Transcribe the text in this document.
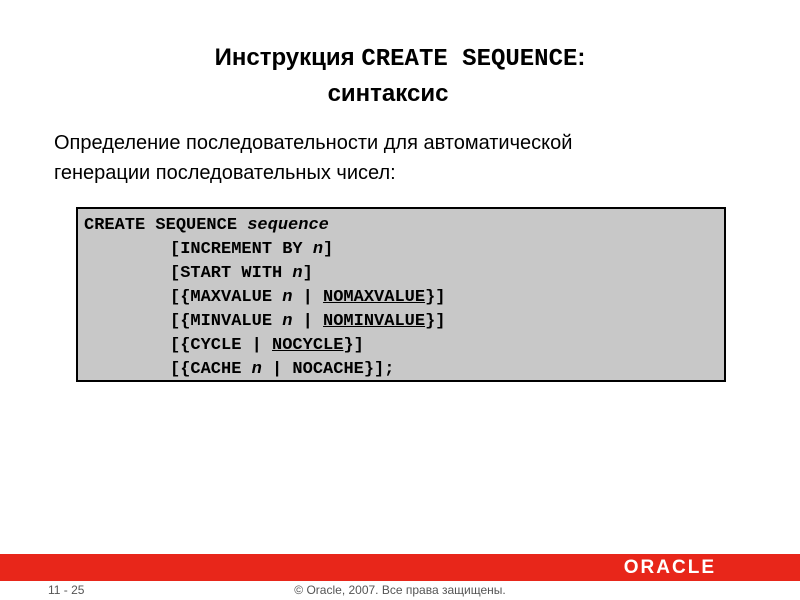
Инструкция CREATE SEQUENCE:
синтаксис
Определение последовательности для автоматической
генерации последовательных чисел:
CREATE SEQUENCE sequence
[INCREMENT BY n]
[START WITH n]
[{MAXVALUE n | NOMAXVALUE}]
[{MINVALUE n | NOMINVALUE}]
[{CYCLE | NOCYCLE}]
[{CACHE n | NOCACHE}];
ORACLE
11 - 25	© Oracle, 2007. Все права защищены.
